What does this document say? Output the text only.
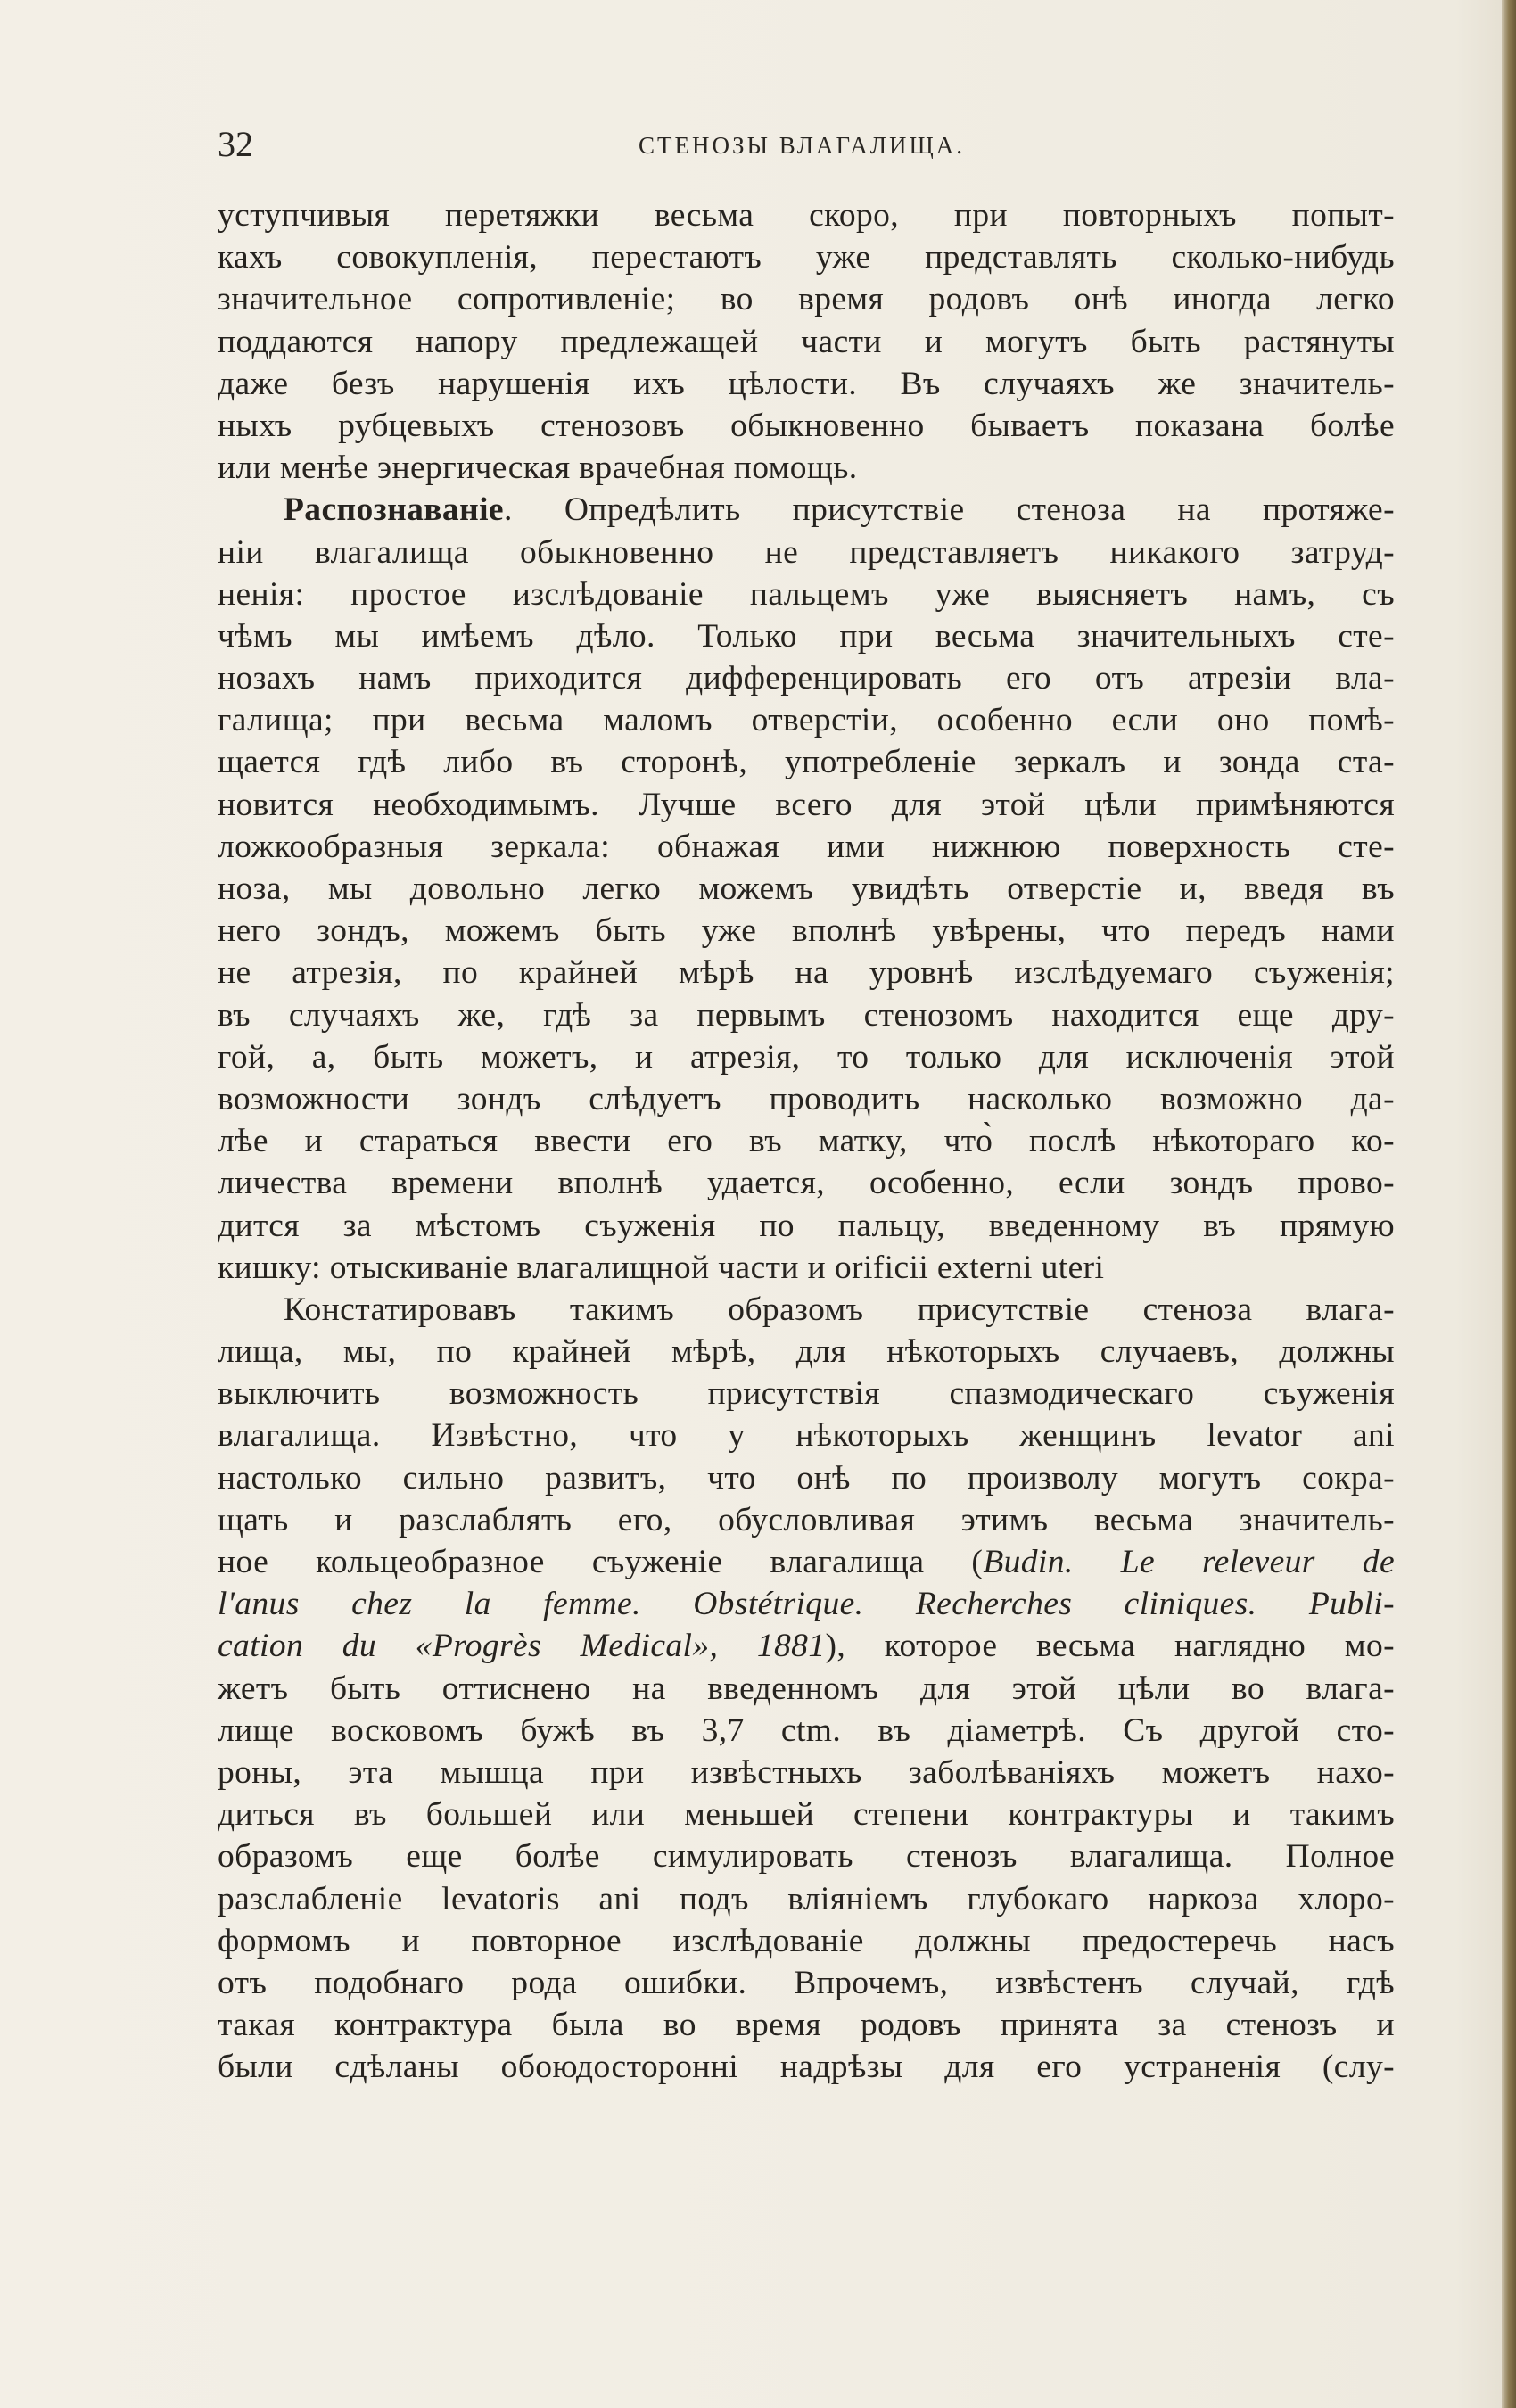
32	СТЕНОЗЫ ВЛАГАЛИЩА.
уступчивыя перетяжки весьма скоро, при повторныхъ попыт-
кахъ совокупленія, перестаютъ уже представлять сколько-нибудь
значительное сопротивленіе; во время родовъ онѣ иногда легко
поддаются напору предлежащей части и могутъ быть растянуты
даже безъ нарушенія ихъ цѣлости. Въ случаяхъ же значитель-
ныхъ рубцевыхъ стенозовъ обыкновенно бываетъ показана болѣе
или менѣе энергическая врачебная помощь.
Распознаваніе. Опредѣлить присутствіе стеноза на протяже-
ніи влагалища обыкновенно не представляетъ никакого затруд-
ненія: простое изслѣдованіе пальцемъ уже выясняетъ намъ, съ
чѣмъ мы имѣемъ дѣло. Только при весьма значительныхъ сте-
нозахъ намъ приходится дифференцировать его отъ атрезіи вла-
галища; при весьма маломъ отверстіи, особенно если оно помѣ-
щается гдѣ либо въ сторонѣ, употребленіе зеркалъ и зонда ста-
новится необходимымъ. Лучше всего для этой цѣли примѣняются
ложкообразныя зеркала: обнажая ими нижнюю поверхность сте-
ноза, мы довольно легко можемъ увидѣть отверстіе и, введя въ
него зондъ, можемъ быть уже вполнѣ увѣрены, что передъ нами
не атрезія, по крайней мѣрѣ на уровнѣ изслѣдуемаго съуженія;
въ случаяхъ же, гдѣ за первымъ стенозомъ находится еще дру-
гой, а, быть можетъ, и атрезія, то только для исключенія этой
возможности зондъ слѣдуетъ проводить насколько возможно да-
лѣе и стараться ввести его въ матку, что̀ послѣ нѣкотораго ко-
личества времени вполнѣ удается, особенно, если зондъ прово-
дится за мѣстомъ съуженія по пальцу, введенному въ прямую
кишку: отыскиваніе влагалищной части и orificii externi uteri
Констатировавъ такимъ образомъ присутствіе стеноза влага-
лища, мы, по крайней мѣрѣ, для нѣкоторыхъ случаевъ, должны
выключить возможность присутствія спазмодическаго съуженія
влагалища. Извѣстно, что у нѣкоторыхъ женщинъ levator ani
настолько сильно развитъ, что онѣ по произволу могутъ сокра-
щать и разслаблять его, обусловливая этимъ весьма значитель-
ное кольцеобразное съуженіе влагалища (Budin. Le releveur de
l'anus chez la femme. Obstétrique. Recherches cliniques. Publi-
cation du «Progrès Medical», 1881), которое весьма наглядно мо-
жетъ быть оттиснено на введенномъ для этой цѣли во влага-
лище восковомъ бужѣ въ 3,7 ctm. въ діаметрѣ. Съ другой сто-
роны, эта мышца при извѣстныхъ заболѣваніяхъ можетъ нахо-
диться въ большей или меньшей степени контрактуры и такимъ
образомъ еще болѣе симулировать стенозъ влагалища. Полное
разслабленіе levatoris ani подъ вліяніемъ глубокаго наркоза хлоро-
формомъ и повторное изслѣдованіе должны предостеречь насъ
отъ подобнаго рода ошибки. Впрочемъ, извѣстенъ случай, гдѣ
такая контрактура была во время родовъ принята за стенозъ и
были сдѣланы обоюдосторонні надрѣзы для его устраненія (слу-
